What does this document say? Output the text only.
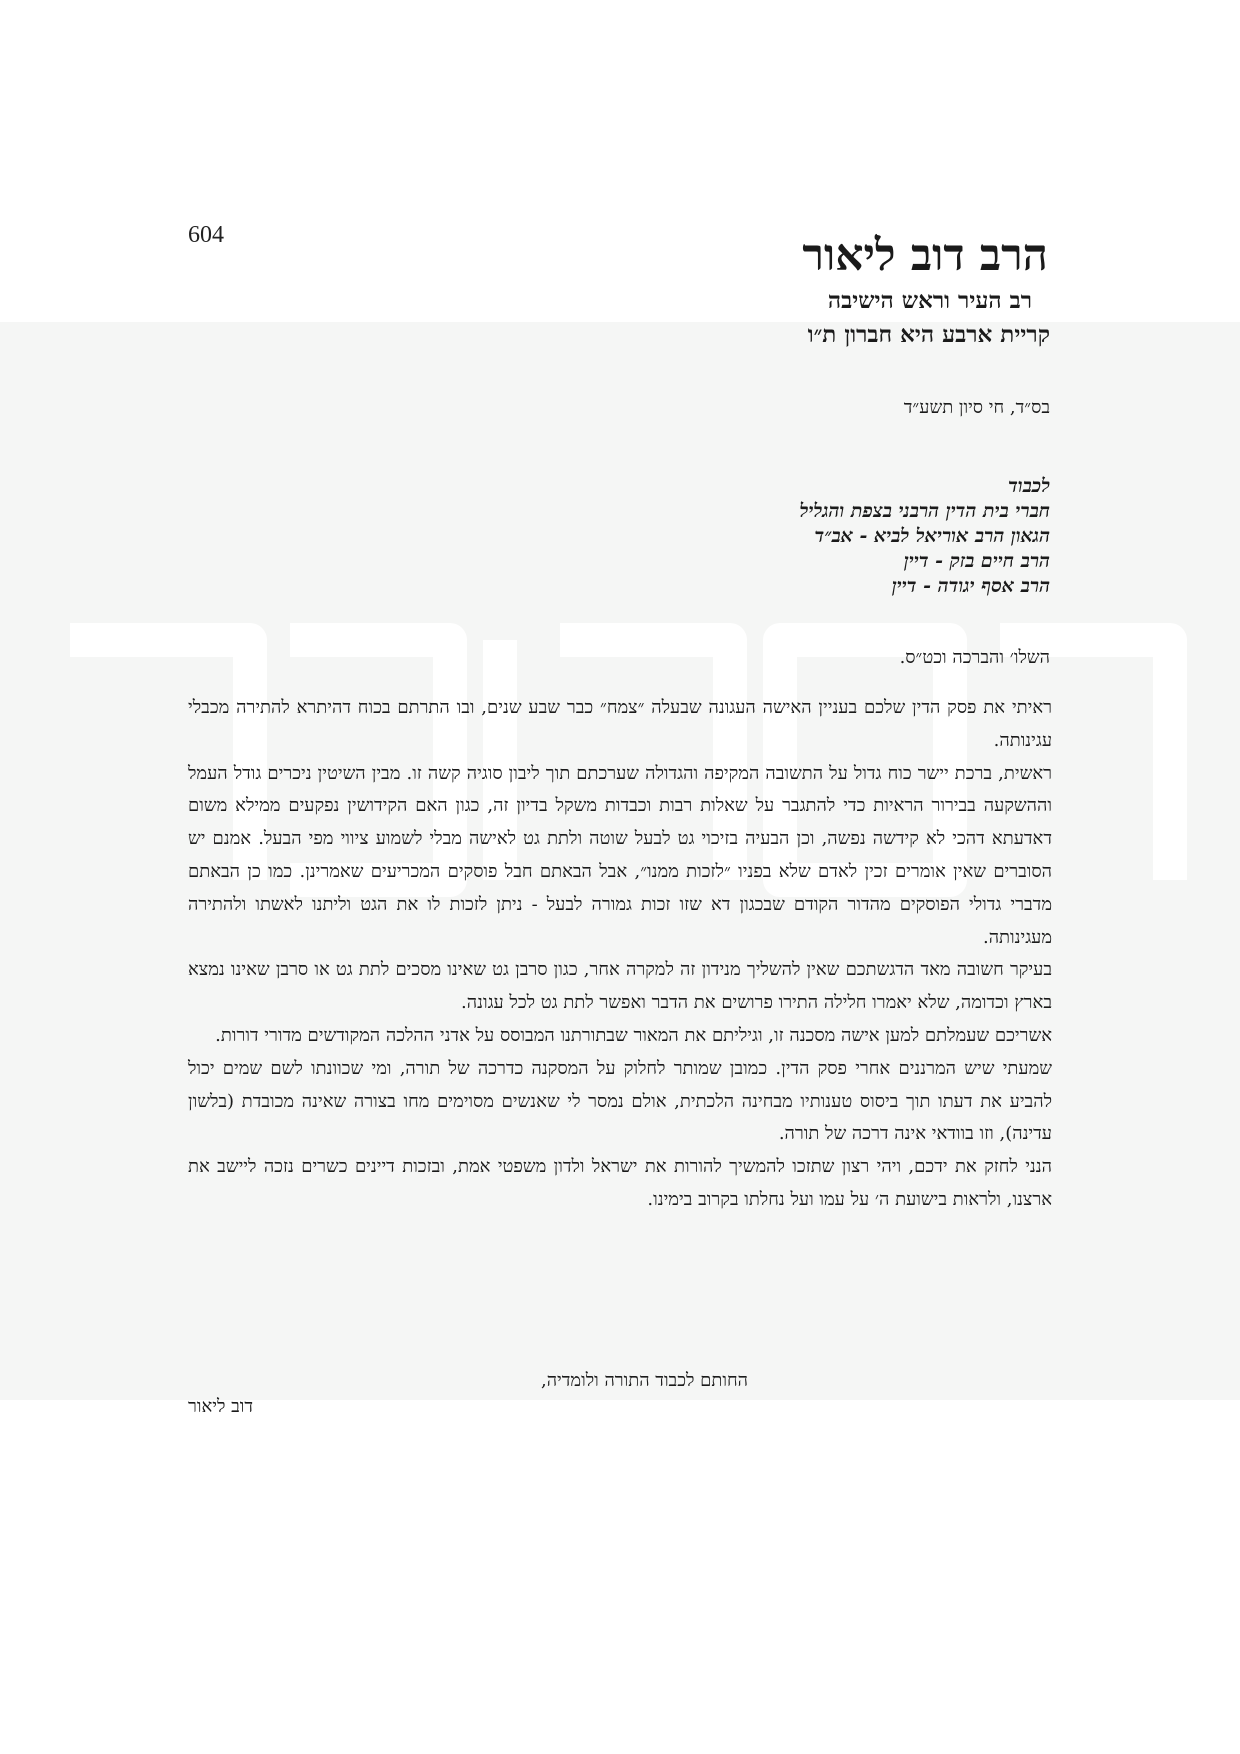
604	הרב דוב ליאור
רב העיר וראש הישיבה
קריית ארבע היא חברון ת״ו
בס״ד, חי סיון תשע״ד
לכבוד
חברי בית הדין הרבני בצפת והגליל
הגאון הרב אוריאל לביא - אב״ד
הרב חיים בזק - דיין
הרב אסף יגודה - דיין
השלו׳ והברכה וכט״ס.

ראיתי את פסק הדין שלכם בעניין האישה העגונה שבעלה ״צמח״ כבר שבע שנים, ובו התרתם בכוח דהיתרא להתירה מכבלי עגינותה.

ראשית, ברכת יישר כוח גדול על התשובה המקיפה והגדולה שערכתם תוך ליבון סוגיה קשה זו. מבין השיטין ניכרים גודל העמל וההשקעה בבירור הראיות כדי להתגבר על שאלות רבות וכבדות משקל בדיון זה, כגון האם הקידושין נפקעים ממילא משום דאדעתא דהכי לא קידשה נפשה, וכן הבעיה בזיכוי גט לבעל שוטה ולתת גט לאישה מבלי לשמוע ציווי מפי הבעל. אמנם יש הסוברים שאין אומרים זכין לאדם שלא בפניו ״לזכות ממנו״, אבל הבאתם חבל פוסקים המכריעים שאמרינן. כמו כן הבאתם מדברי גדולי הפוסקים מהדור הקודם שבכגון דא שזו זכות גמורה לבעל - ניתן לזכות לו את הגט וליתנו לאשתו ולהתירה מעגינותה.

בעיקר חשובה מאד הדגשתכם שאין להשליך מנידון זה למקרה אחר, כגון סרבן גט שאינו מסכים לתת גט או סרבן שאינו נמצא בארץ וכדומה, שלא יאמרו חלילה התירו פרושים את הדבר ואפשר לתת גט לכל עגונה.

אשריכם שעמלתם למען אישה מסכנה זו, וגיליתם את המאור שבתורתנו המבוסס על אדני ההלכה המקודשים מדורי דורות.

שמעתי שיש המרננים אחרי פסק הדין. כמובן שמותר לחלוק על המסקנה כדרכה של תורה, ומי שכוונתו לשם שמים יכול להביע את דעתו תוך ביסוס טענותיו מבחינה הלכתית, אולם נמסר לי שאנשים מסוימים מחו בצורה שאינה מכובדת (בלשון עדינה), וזו בוודאי אינה דרכה של תורה.

הנני לחזק את ידכם, ויהי רצון שתזכו להמשיך להורות את ישראל ולדון משפטי אמת, ובזכות דיינים כשרים נזכה ליישב את ארצנו, ולראות בישועת ה׳ על עמו ועל נחלתו בקרוב בימינו.

החותם לכבוד התורה ולומדיה,
דוב ליאור
